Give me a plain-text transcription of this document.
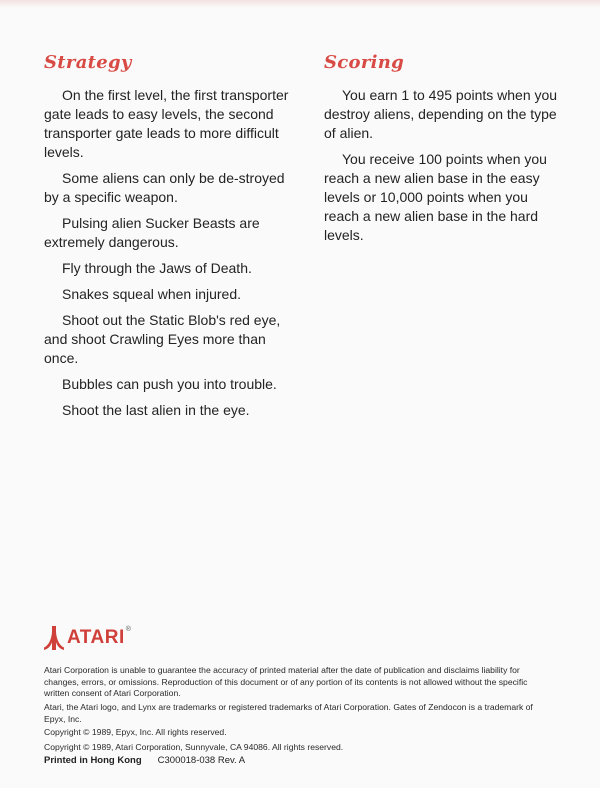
Strategy

On the first level, the first transporter gate leads to easy levels, the second transporter gate leads to more difficult levels.

Some aliens can only be de-stroyed by a specific weapon.

Pulsing alien Sucker Beasts are extremely dangerous.

Fly through the Jaws of Death.

Snakes squeal when injured.

Shoot out the Static Blob's red eye, and shoot Crawling Eyes more than once.

Bubbles can push you into trouble.

Shoot the last alien in the eye.

Scoring

You earn 1 to 495 points when you destroy aliens, depending on the type of alien.

You receive 100 points when you reach a new alien base in the easy levels or 10,000 points when you reach a new alien base in the hard levels.

ATARI ®

Atari Corporation is unable to guarantee the accuracy of printed material after the date of publication and disclaims liability for changes, errors, or omissions. Reproduction of this document or of any portion of its contents is not allowed without the specific written consent of Atari Corporation.

Atari, the Atari logo, and Lynx are trademarks or registered trademarks of Atari Corporation. Gates of Zendocon is a trademark of Epyx, Inc.

Copyright © 1989, Epyx, Inc. All rights reserved.

Copyright © 1989, Atari Corporation, Sunnyvale, CA 94086. All rights reserved.

Printed in Hong Kong C300018-038 Rev. A
